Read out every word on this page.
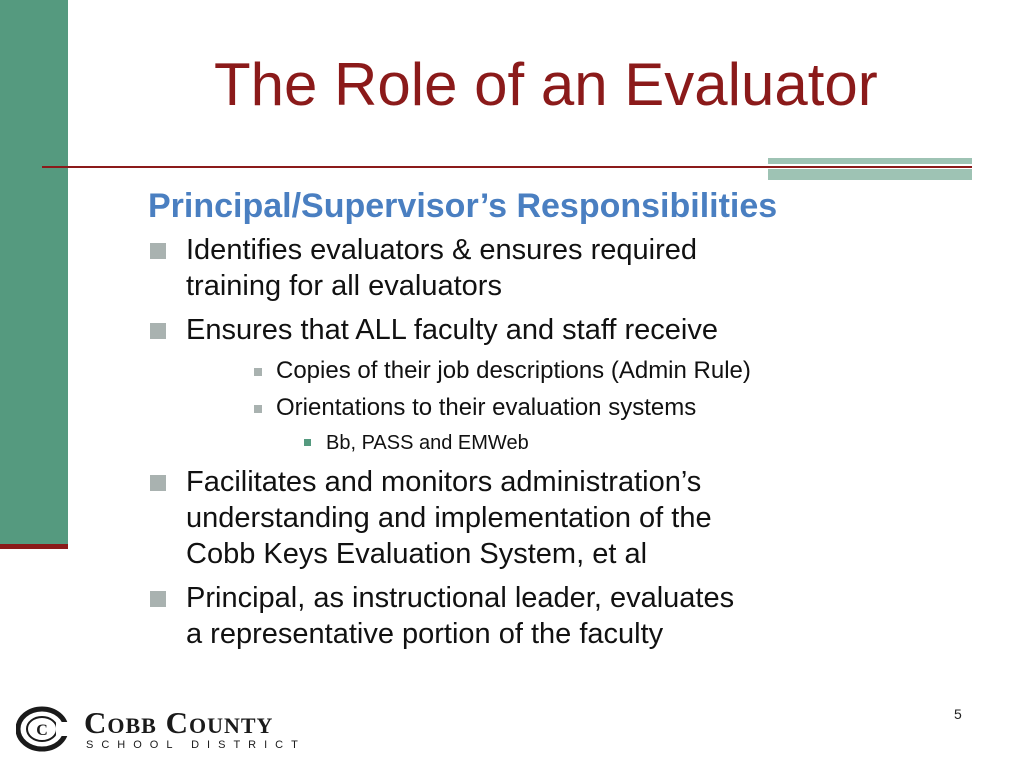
The Role of an Evaluator
Principal/Supervisor’s Responsibilities
Identifies evaluators & ensures required
training for all evaluators
Ensures that ALL faculty and staff receive
Copies of their job descriptions (Admin Rule)
Orientations to their evaluation systems
Bb, PASS and EMWeb
Facilitates and monitors administration’s
understanding and implementation of the
Cobb Keys Evaluation System, et al
Principal, as instructional leader, evaluates
a representative portion of the faculty
C Cobb County
SCHOOL DISTRICT
5
